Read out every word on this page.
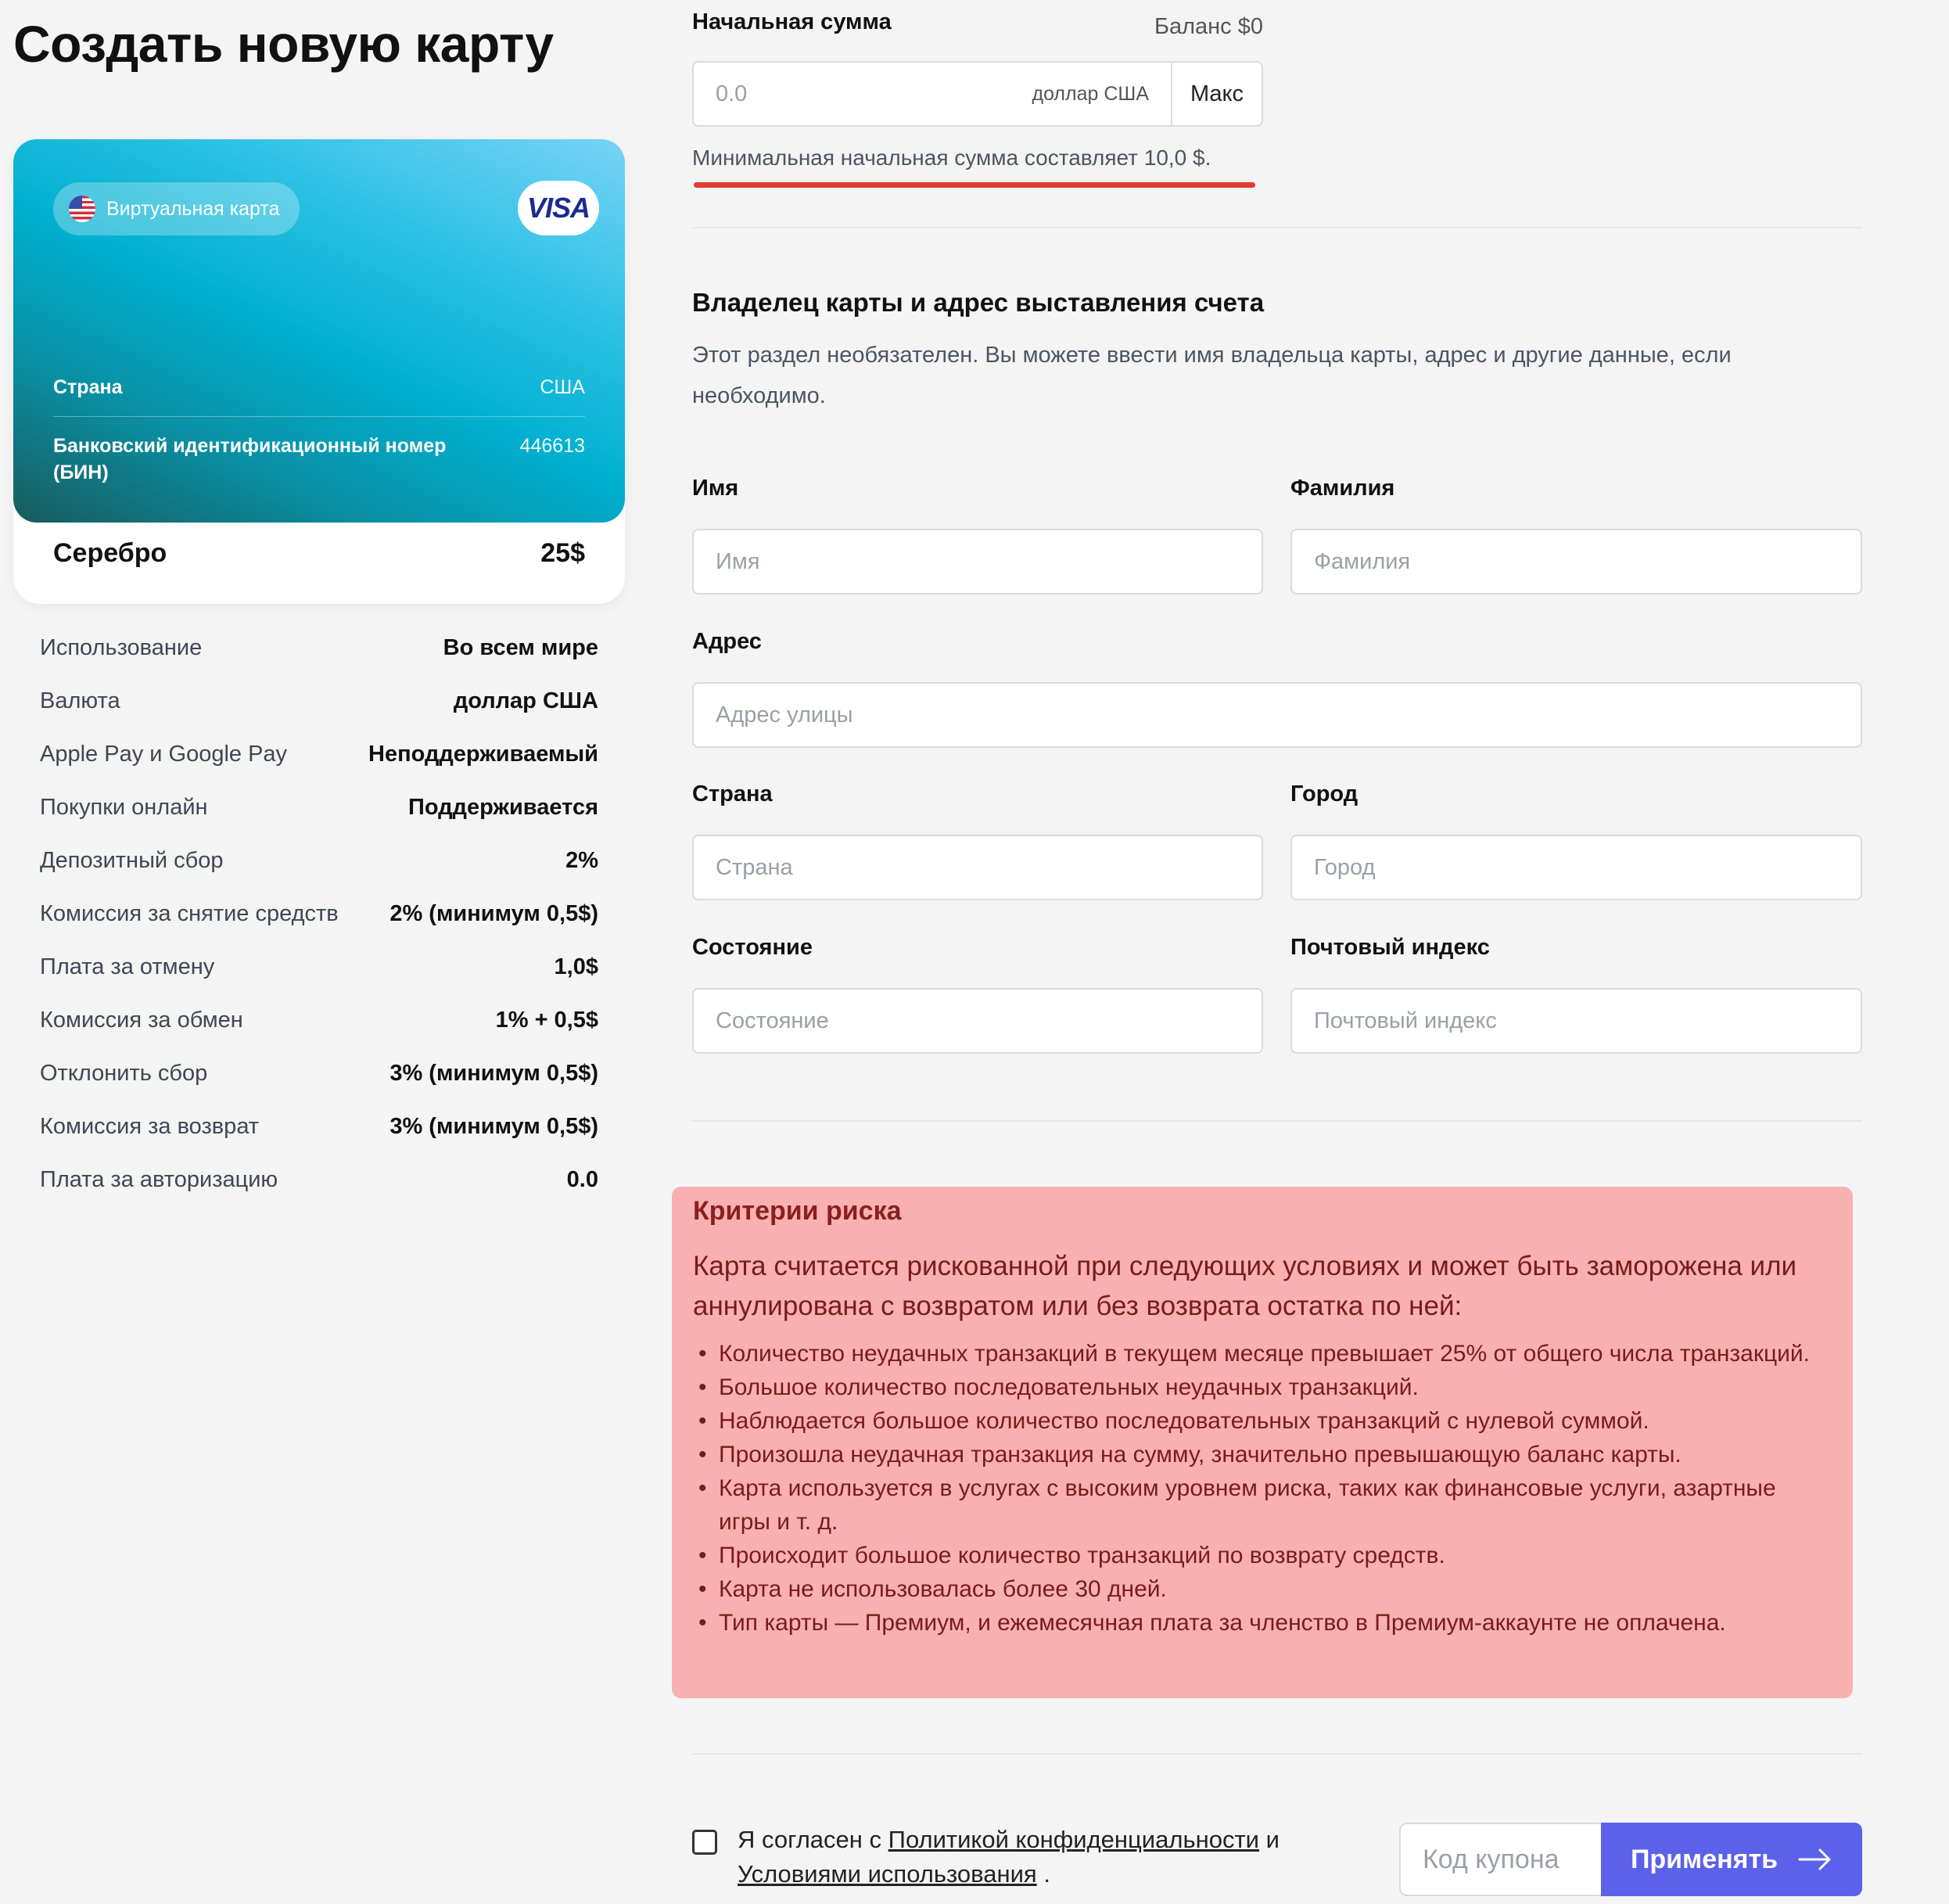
Создать новую карту
Виртуальная карта	VISA
Страна	США
Банковский идентификационный номер (БИН)
446613
Серебро	25$
Использование	Во всем мире
Валюта	доллар США
Apple Pay и Google Pay	Неподдерживаемый
Покупки онлайн	Поддерживается
Депозитный сбор	2%
Комиссия за снятие средств 2% (минимум 0,5$)
Плата за отмену	1,0$
Комиссия за обмен	1% + 0,5$
Отклонить сбор	3% (минимум 0,5$)
Комиссия за возврат	3% (минимум 0,5$)
Плата за авторизацию	0.0
Начальная сумма	Баланс $0
0.0
доллар США	Макс
Минимальная начальная сумма составляет 10,0 $.
Владелец карты и адрес выставления счета
Этот раздел необязателен. Вы можете ввести имя владельца карты, адрес и другие данные, если необходимо.
Имя	Фамилия
Имя
Фамилия
Адрес
Адрес улицы
Страна	Город
Страна
Город
Состояние	Почтовый индекс
Состояние
Почтовый индекс
Критерии риска
Карта считается рискованной при следующих условиях и может быть заморожена или аннулирована с возвратом или без возврата остатка по ней:
• Количество неудачных транзакций в текущем месяце превышает 25% от общего числа транзакций.
• Большое количество последовательных неудачных транзакций.
• Наблюдается большое количество последовательных транзакций с нулевой суммой.
• Произошла неудачная транзакция на сумму, значительно превышающую баланс карты.
• Карта используется в услугах с высоким уровнем риска, таких как финансовые услуги, азартные игры и т. д.
• Происходит большое количество транзакций по возврату средств.
• Карта не использовалась более 30 дней.
• Тип карты — Премиум, и ежемесячная плата за членство в Премиум-аккаунте не оплачена.
Я согласен с Политикой конфиденциальности и Условиями использования .
Код купона	Применять
